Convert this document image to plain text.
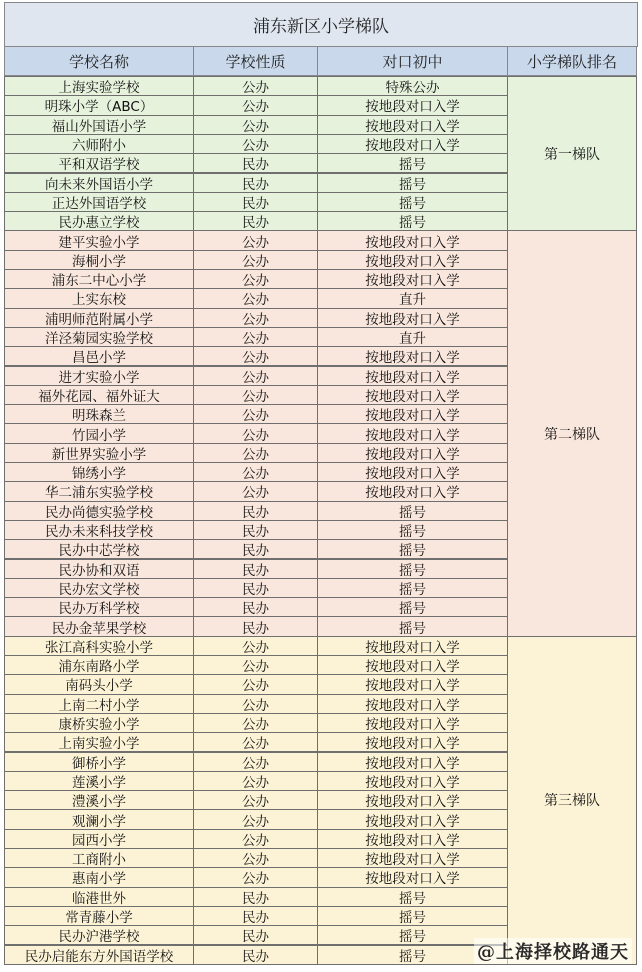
浦东新区小学梯队
学校名称	学校性质	对口初中	小学梯队排名
上海实验学校	公办	特殊公办
明珠小学（ABC）	公办	按地段对口入学
福山外国语小学	公办	按地段对口入学
六师附小	公办	按地段对口入学
平和双语学校	民办	摇号
向未来外国语小学	民办	摇号
正达外国语学校	民办	摇号
民办惠立学校	民办	摇号
第一梯队
建平实验小学	公办	按地段对口入学
海桐小学	公办	按地段对口入学
浦东二中心小学	公办	按地段对口入学
上实东校	公办	直升
浦明师范附属小学	公办	按地段对口入学
洋泾菊园实验学校	公办	直升
昌邑小学	公办	按地段对口入学
进才实验小学	公办	按地段对口入学
福外花园、福外证大	公办	按地段对口入学
明珠森兰	公办	按地段对口入学
竹园小学	公办	按地段对口入学
新世界实验小学	公办	按地段对口入学
锦绣小学	公办	按地段对口入学
华二浦东实验学校	公办	按地段对口入学
民办尚德实验学校	民办	摇号
民办未来科技学校	民办	摇号
民办中芯学校	民办	摇号
民办协和双语	民办	摇号
民办宏文学校	民办	摇号
民办万科学校	民办	摇号
民办金苹果学校	民办	摇号
第二梯队
张江高科实验小学	公办	按地段对口入学
浦东南路小学	公办	按地段对口入学
南码头小学	公办	按地段对口入学
上南二村小学	公办	按地段对口入学
康桥实验小学	公办	按地段对口入学
上南实验小学	公办	按地段对口入学
御桥小学	公办	按地段对口入学
莲溪小学	公办	按地段对口入学
澧溪小学	公办	按地段对口入学
观澜小学	公办	按地段对口入学
园西小学	公办	按地段对口入学
工商附小	公办	按地段对口入学
惠南小学	公办	按地段对口入学
临港世外	民办	摇号
常青藤小学	民办	摇号
民办沪港学校	民办	摇号
民办启能东方外国语学校	民办	摇号
第三梯队
@上海择校路通天
